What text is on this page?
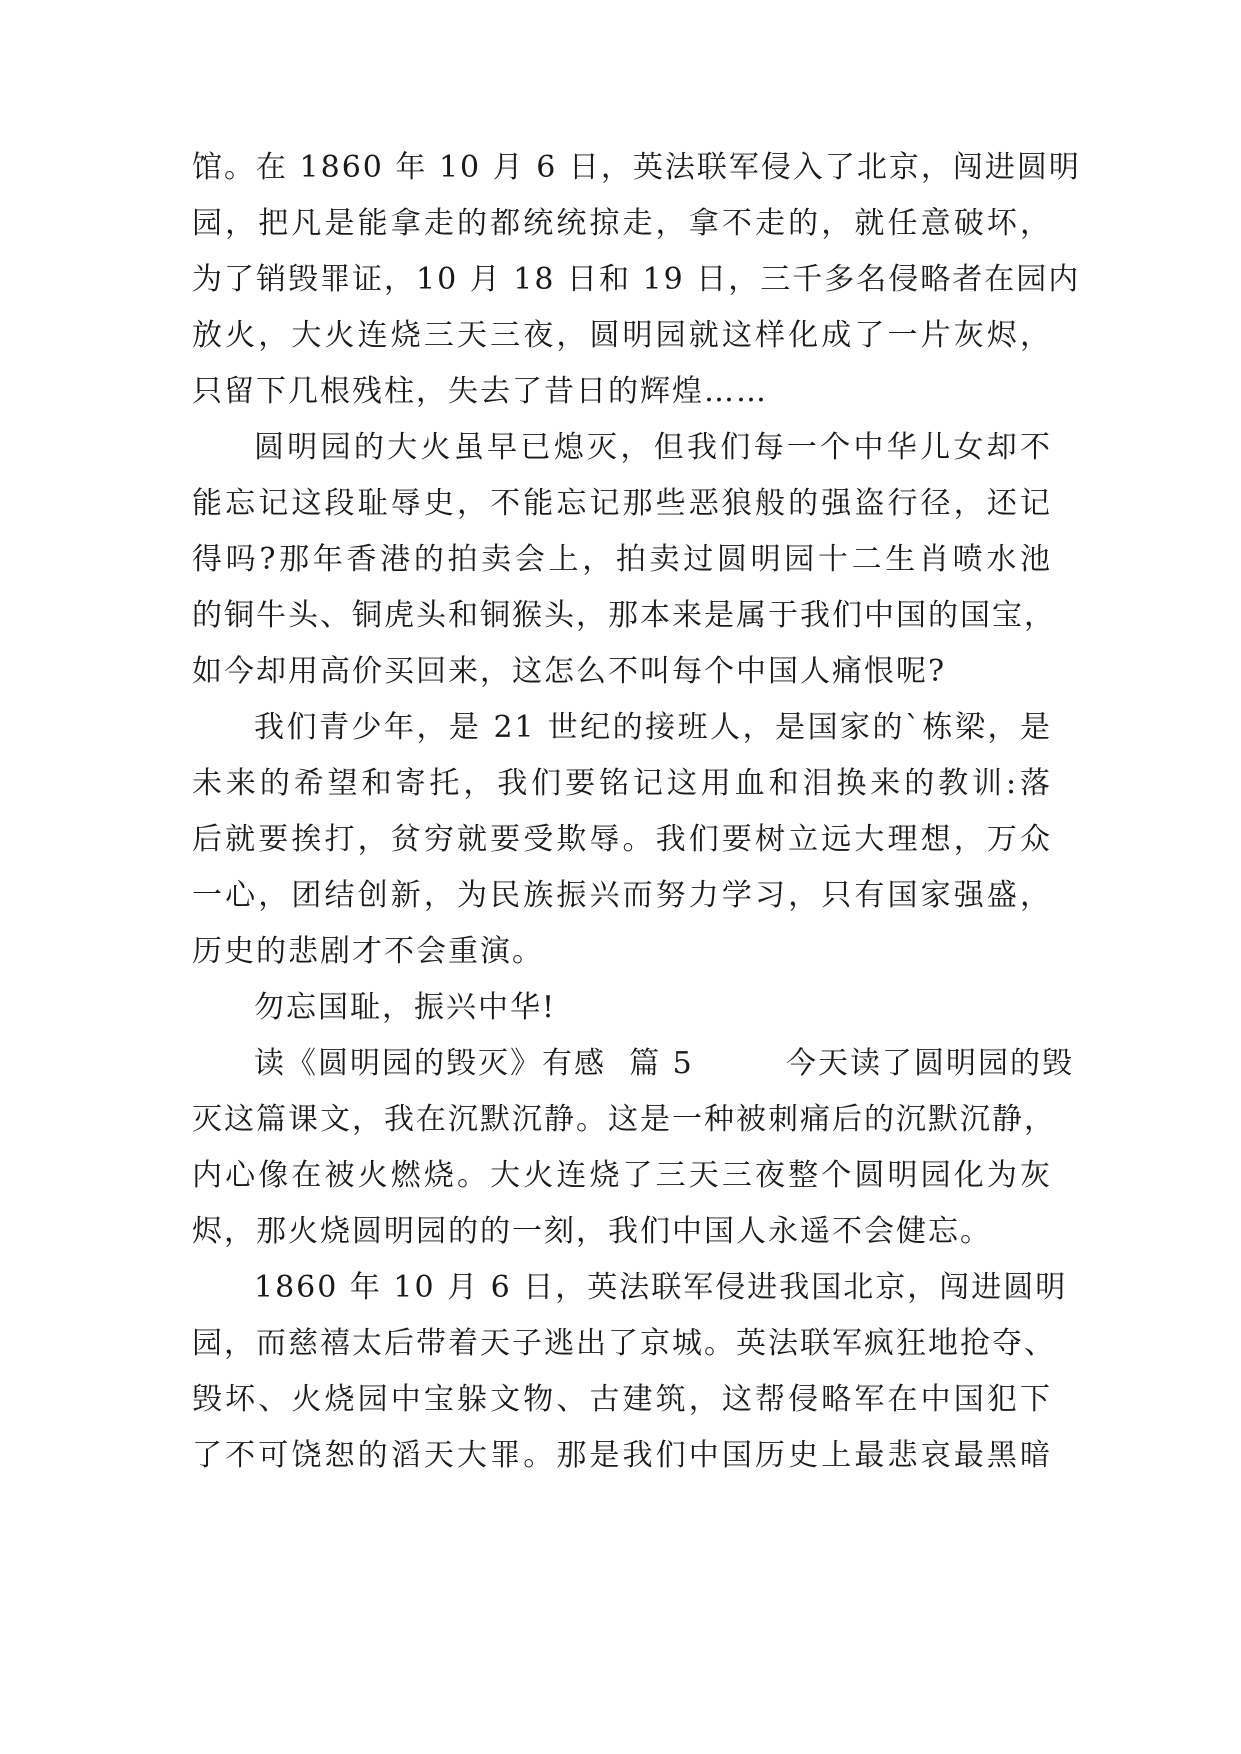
馆。在 1860 年 10 月 6 日，英法联军侵入了北京，闯进圆明
园，把凡是能拿走的都统统掠走，拿不走的，就任意破坏，
为了销毁罪证，10 月 18 日和 19 日，三千多名侵略者在园内
放火，大火连烧三天三夜，圆明园就这样化成了一片灰烬，
只留下几根残柱，失去了昔日的辉煌……
圆明园的大火虽早已熄灭，但我们每一个中华儿女却不
能忘记这段耻辱史，不能忘记那些恶狼般的强盗行径，还记
得吗?那年香港的拍卖会上，拍卖过圆明园十二生肖喷水池
的铜牛头、铜虎头和铜猴头，那本来是属于我们中国的国宝，
如今却用高价买回来，这怎么不叫每个中国人痛恨呢?
我们青少年，是 21 世纪的接班人，是国家的`栋梁，是
未来的希望和寄托，我们要铭记这用血和泪换来的教训:落
后就要挨打，贫穷就要受欺辱。我们要树立远大理想，万众
一心，团结创新，为民族振兴而努力学习，只有国家强盛，
历史的悲剧才不会重演。
勿忘国耻，振兴中华!
读《圆明园的毁灭》有感  篇 5        今天读了圆明园的毁
灭这篇课文，我在沉默沉静。这是一种被刺痛后的沉默沉静，
内心像在被火燃烧。大火连烧了三天三夜整个圆明园化为灰
烬，那火烧圆明园的的一刻，我们中国人永遥不会健忘。
1860 年 10 月 6 日，英法联军侵进我国北京，闯进圆明
园，而慈禧太后带着天子逃出了京城。英法联军疯狂地抢夺、
毁坏、火烧园中宝躲文物、古建筑，这帮侵略军在中国犯下
了不可饶恕的滔天大罪。那是我们中国历史上最悲哀最黑暗
